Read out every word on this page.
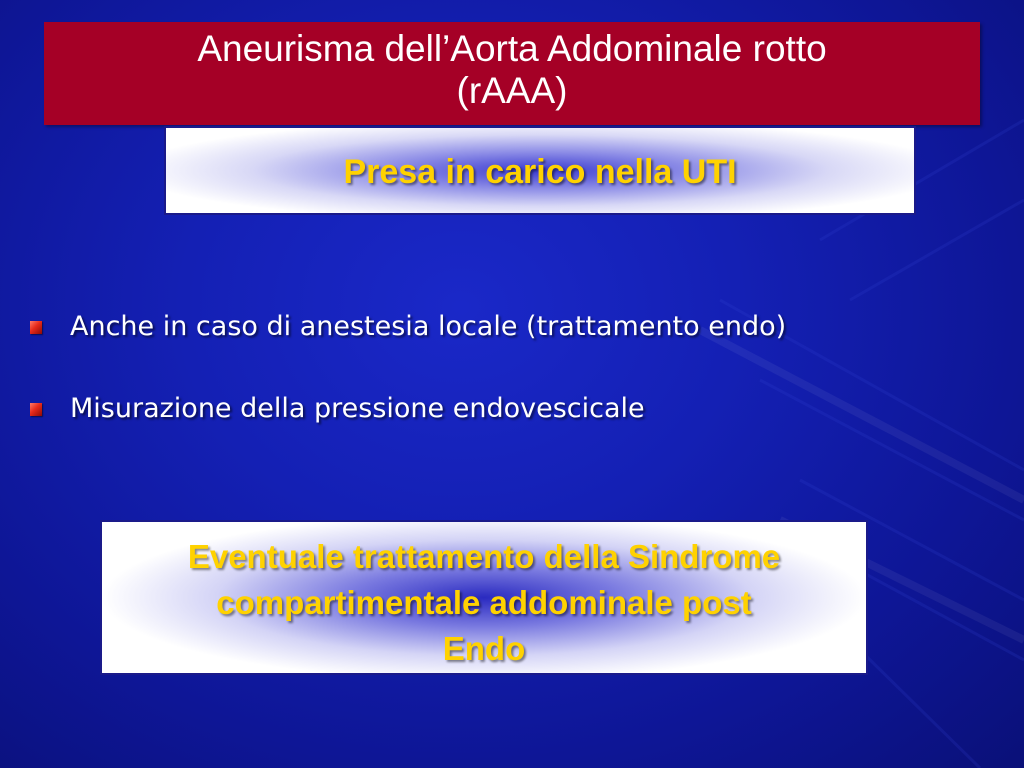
Aneurisma dell’Aorta Addominale rotto
(rAAA)
Presa in carico nella UTI
Anche in caso di anestesia locale (trattamento endo)
Misurazione della pressione endovescicale
Eventuale trattamento della Sindrome
compartimentale addominale post
Endo
